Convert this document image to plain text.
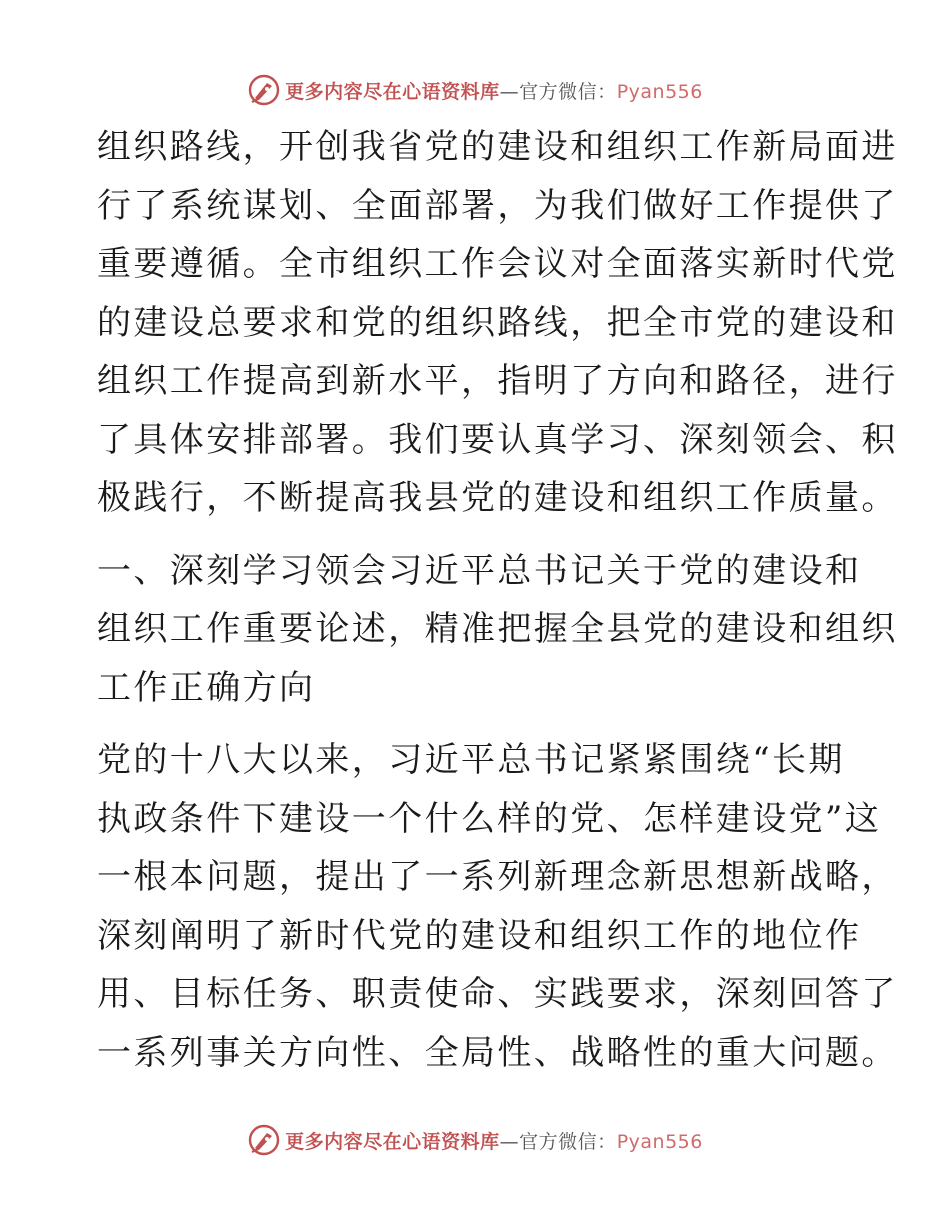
更多内容尽在心语资料库—官方微信：Pyan556
组织路线，开创我省党的建设和组织工作新局面进
行了系统谋划、全面部署，为我们做好工作提供了
重要遵循。全市组织工作会议对全面落实新时代党
的建设总要求和党的组织路线，把全市党的建设和
组织工作提高到新水平，指明了方向和路径，进行
了具体安排部署。我们要认真学习、深刻领会、积
极践行，不断提高我县党的建设和组织工作质量。
一、深刻学习领会习近平总书记关于党的建设和
组织工作重要论述，精准把握全县党的建设和组织
工作正确方向
党的十八大以来，习近平总书记紧紧围绕“长期
执政条件下建设一个什么样的党、怎样建设党”这
一根本问题，提出了一系列新理念新思想新战略，
深刻阐明了新时代党的建设和组织工作的地位作
用、目标任务、职责使命、实践要求，深刻回答了
一系列事关方向性、全局性、战略性的重大问题。
更多内容尽在心语资料库—官方微信：Pyan556
